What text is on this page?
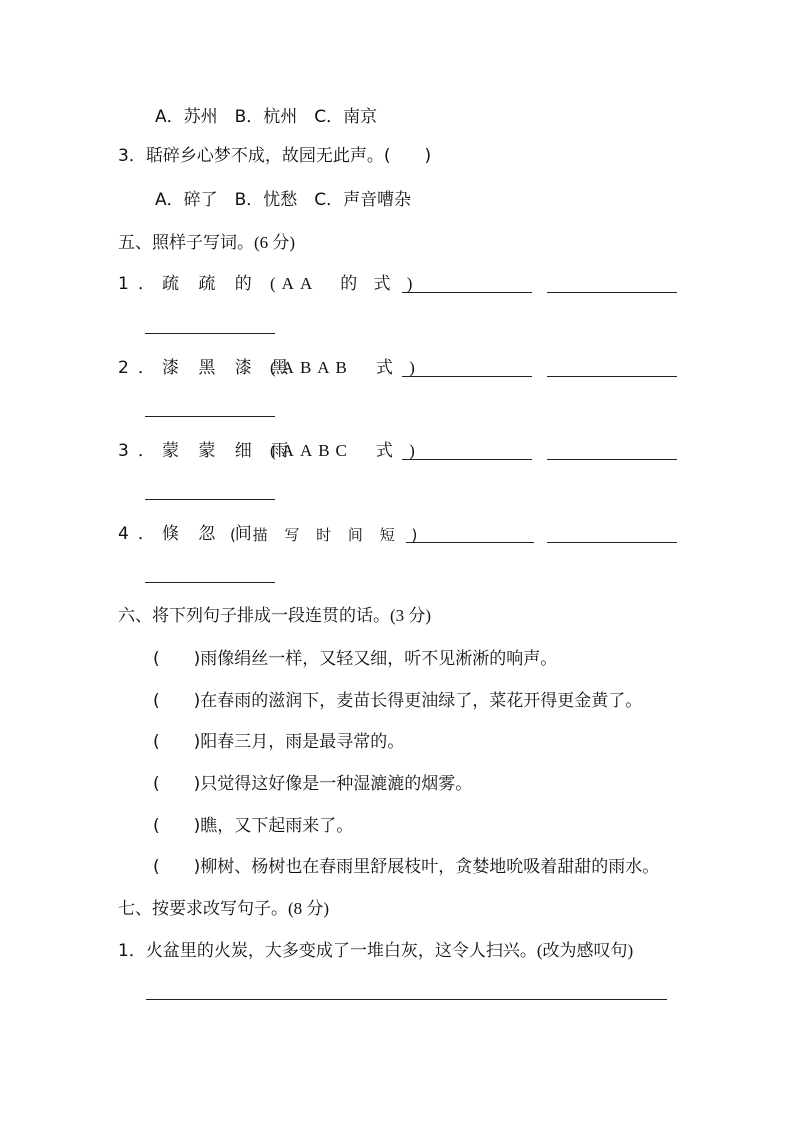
A．苏州　B．杭州　C．南京
3．聒碎乡心梦不成，故园无此声。(　　)
A．碎了　B．忧愁　C．声音嘈杂
五、照样子写词。(6 分)
1 ．疏 疏 的 (AA　的 式 )
2 ．漆 黑 漆 黑
(ABAB　式 )
3 ．蒙 蒙 细 雨
(AABC　式 )
4 ．倏 忽 间
( 描 写 时 间 短 )
六、将下列句子排成一段连贯的话。(3 分)
(　　)雨像绢丝一样，又轻又细，听不见淅淅的响声。
(　　)在春雨的滋润下，麦苗长得更油绿了，菜花开得更金黄了。
(　　)阳春三月，雨是最寻常的。
(　　)只觉得这好像是一种湿漉漉的烟雾。
(　　)瞧，又下起雨来了。
(　　)柳树、杨树也在春雨里舒展枝叶，贪婪地吮吸着甜甜的雨水。
七、按要求改写句子。(8 分)
1．火盆里的火炭，大多变成了一堆白灰，这令人扫兴。(改为感叹句)
